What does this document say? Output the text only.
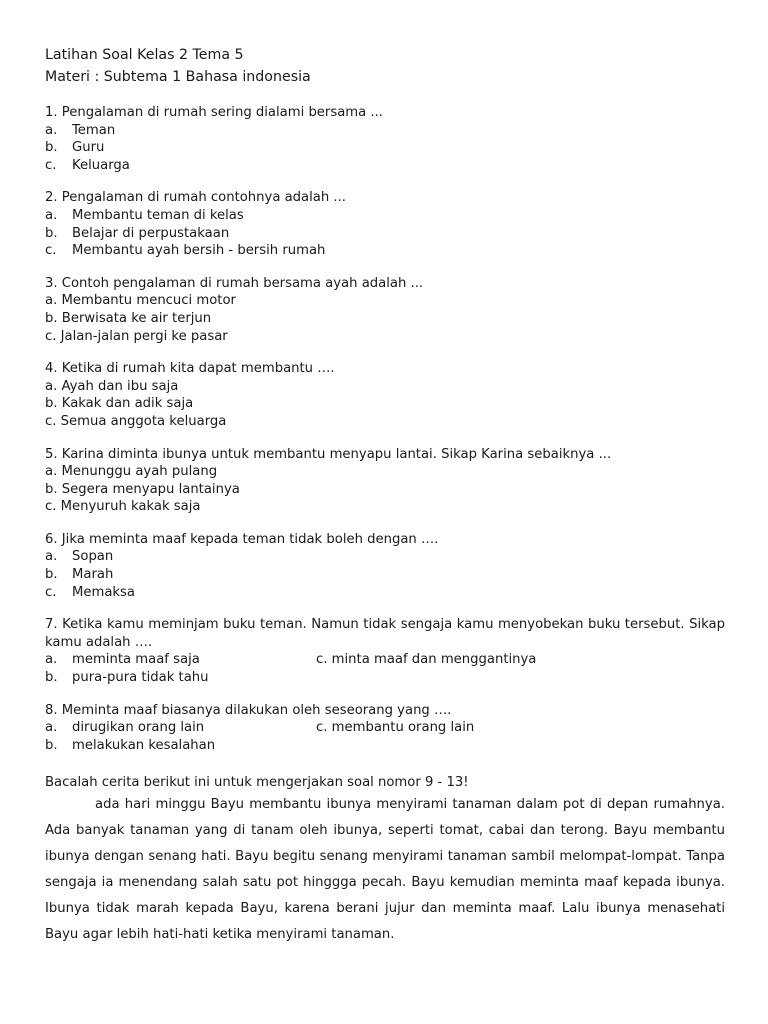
Latihan Soal Kelas 2 Tema 5
Materi : Subtema 1 Bahasa indonesia

1. Pengalaman di rumah sering dialami bersama ...

a. Teman
b. Guru
c. Keluarga

2. Pengalaman di rumah contohnya adalah ...

a. Membantu teman di kelas
b. Belajar di perpustakaan
c. Membantu ayah bersih - bersih rumah

3. Contoh pengalaman di rumah bersama ayah adalah ...

a. Membantu mencuci motor
b. Berwisata ke air terjun
c. Jalan-jalan pergi ke pasar

4. Ketika di rumah kita dapat membantu ….

a. Ayah dan ibu saja
b. Kakak dan adik saja
c. Semua anggota keluarga

5. Karina diminta ibunya untuk membantu menyapu lantai. Sikap Karina sebaiknya ...

a. Menunggu ayah pulang
b. Segera menyapu lantainya
c. Menyuruh kakak saja

6. Jika meminta maaf kepada teman tidak boleh dengan ….

a. Sopan
b. Marah
c. Memaksa

7. Ketika kamu meminjam buku teman. Namun tidak sengaja kamu menyobekan buku tersebut. Sikap kamu adalah ….

a. meminta maaf saja	c. minta maaf dan menggantinya
b. pura-pura tidak tahu

8. Meminta maaf biasanya dilakukan oleh seseorang yang ….

a. dirugikan orang lain	c. membantu orang lain
b. melakukan kesalahan

Bacalah cerita berikut ini untuk mengerjakan soal nomor 9 - 13!

ada hari minggu Bayu membantu ibunya menyirami tanaman dalam pot di depan rumahnya. Ada banyak tanaman yang di tanam oleh ibunya, seperti tomat, cabai dan terong. Bayu membantu ibunya dengan senang hati. Bayu begitu senang menyirami tanaman sambil melompat-lompat. Tanpa sengaja ia menendang salah satu pot hinggga pecah. Bayu kemudian meminta maaf kepada ibunya. Ibunya tidak marah kepada Bayu, karena berani jujur dan meminta maaf. Lalu ibunya menasehati Bayu agar lebih hati-hati ketika menyirami tanaman.
